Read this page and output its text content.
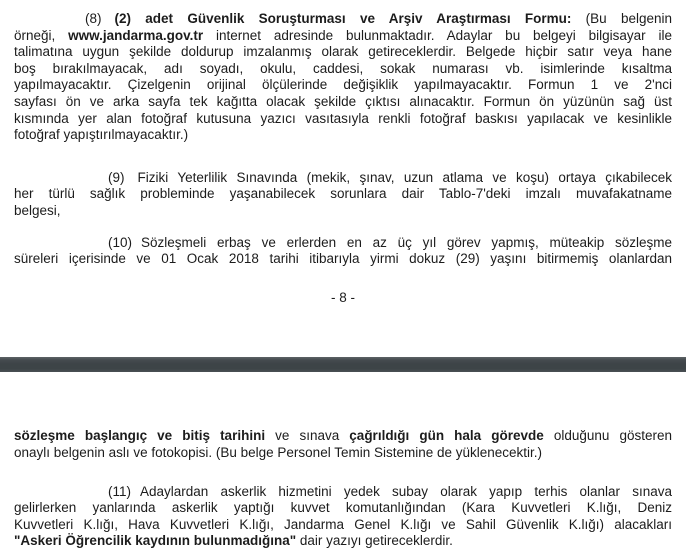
(8) (2) adet Güvenlik Soruşturması ve Arşiv Araştırması Formu: (Bu belgenin
örneği, www.jandarma.gov.tr internet adresinde bulunmaktadır. Adaylar bu belgeyi bilgisayar ile
talimatına uygun şekilde doldurup imzalanmış olarak getireceklerdir. Belgede hiçbir satır veya hane
boş bırakılmayacak, adı soyadı, okulu, caddesi, sokak numarası vb. isimlerinde kısaltma
yapılmayacaktır. Çizelgenin orijinal ölçülerinde değişiklik yapılmayacaktır. Formun 1 ve 2'nci
sayfası ön ve arka sayfa tek kağıtta olacak şekilde çıktısı alınacaktır. Formun ön yüzünün sağ üst
kısmında yer alan fotoğraf kutusuna yazıcı vasıtasıyla renkli fotoğraf baskısı yapılacak ve kesinlikle
fotoğraf yapıştırılmayacaktır.)
(9) Fiziki Yeterlilik Sınavında (mekik, şınav, uzun atlama ve koşu) ortaya çıkabilecek
her türlü sağlık probleminde yaşanabilecek sorunlara dair Tablo-7'deki imzalı muvafakatname
belgesi,
(10) Sözleşmeli erbaş ve erlerden en az üç yıl görev yapmış, müteakip sözleşme
süreleri içerisinde ve 01 Ocak 2018 tarihi itibarıyla yirmi dokuz (29) yaşını bitirmemiş olanlardan
- 8 -
sözleşme başlangıç ve bitiş tarihini ve sınava çağrıldığı gün hala görevde olduğunu gösteren
onaylı belgenin aslı ve fotokopisi. (Bu belge Personel Temin Sistemine de yüklenecektir.)
(11) Adaylardan askerlik hizmetini yedek subay olarak yapıp terhis olanlar sınava
gelirlerken yanlarında askerlik yaptığı kuvvet komutanlığından (Kara Kuvvetleri K.lığı, Deniz
Kuvvetleri K.lığı, Hava Kuvvetleri K.lığı, Jandarma Genel K.lığı ve Sahil Güvenlik K.lığı) alacakları
"Askeri Öğrencilik kaydının bulunmadığına" dair yazıyı getireceklerdir.
